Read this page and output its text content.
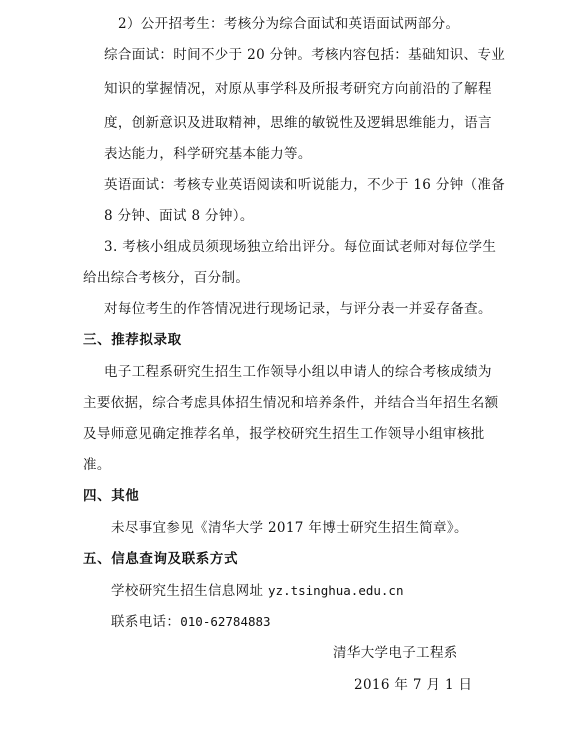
2）公开招考生：考核分为综合面试和英语面试两部分。
综合面试：时间不少于 20 分钟。考核内容包括：基础知识、专业
知识的掌握情况，对原从事学科及所报考研究方向前沿的了解程
度，创新意识及进取精神，思维的敏锐性及逻辑思维能力，语言
表达能力，科学研究基本能力等。
英语面试：考核专业英语阅读和听说能力，不少于 16 分钟（准备
8 分钟、面试 8 分钟）。
3. 考核小组成员须现场独立给出评分。每位面试老师对每位学生
给出综合考核分，百分制。
对每位考生的作答情况进行现场记录，与评分表一并妥存备查。
三、推荐拟录取
电子工程系研究生招生工作领导小组以申请人的综合考核成绩为
主要依据，综合考虑具体招生情况和培养条件，并结合当年招生名额
及导师意见确定推荐名单，报学校研究生招生工作领导小组审核批
准。
四、其他
未尽事宜参见《清华大学 2017 年博士研究生招生简章》。
五、信息查询及联系方式
学校研究生招生信息网址 yz.tsinghua.edu.cn
联系电话：010-62784883
清华大学电子工程系
2016 年 7 月 1 日
